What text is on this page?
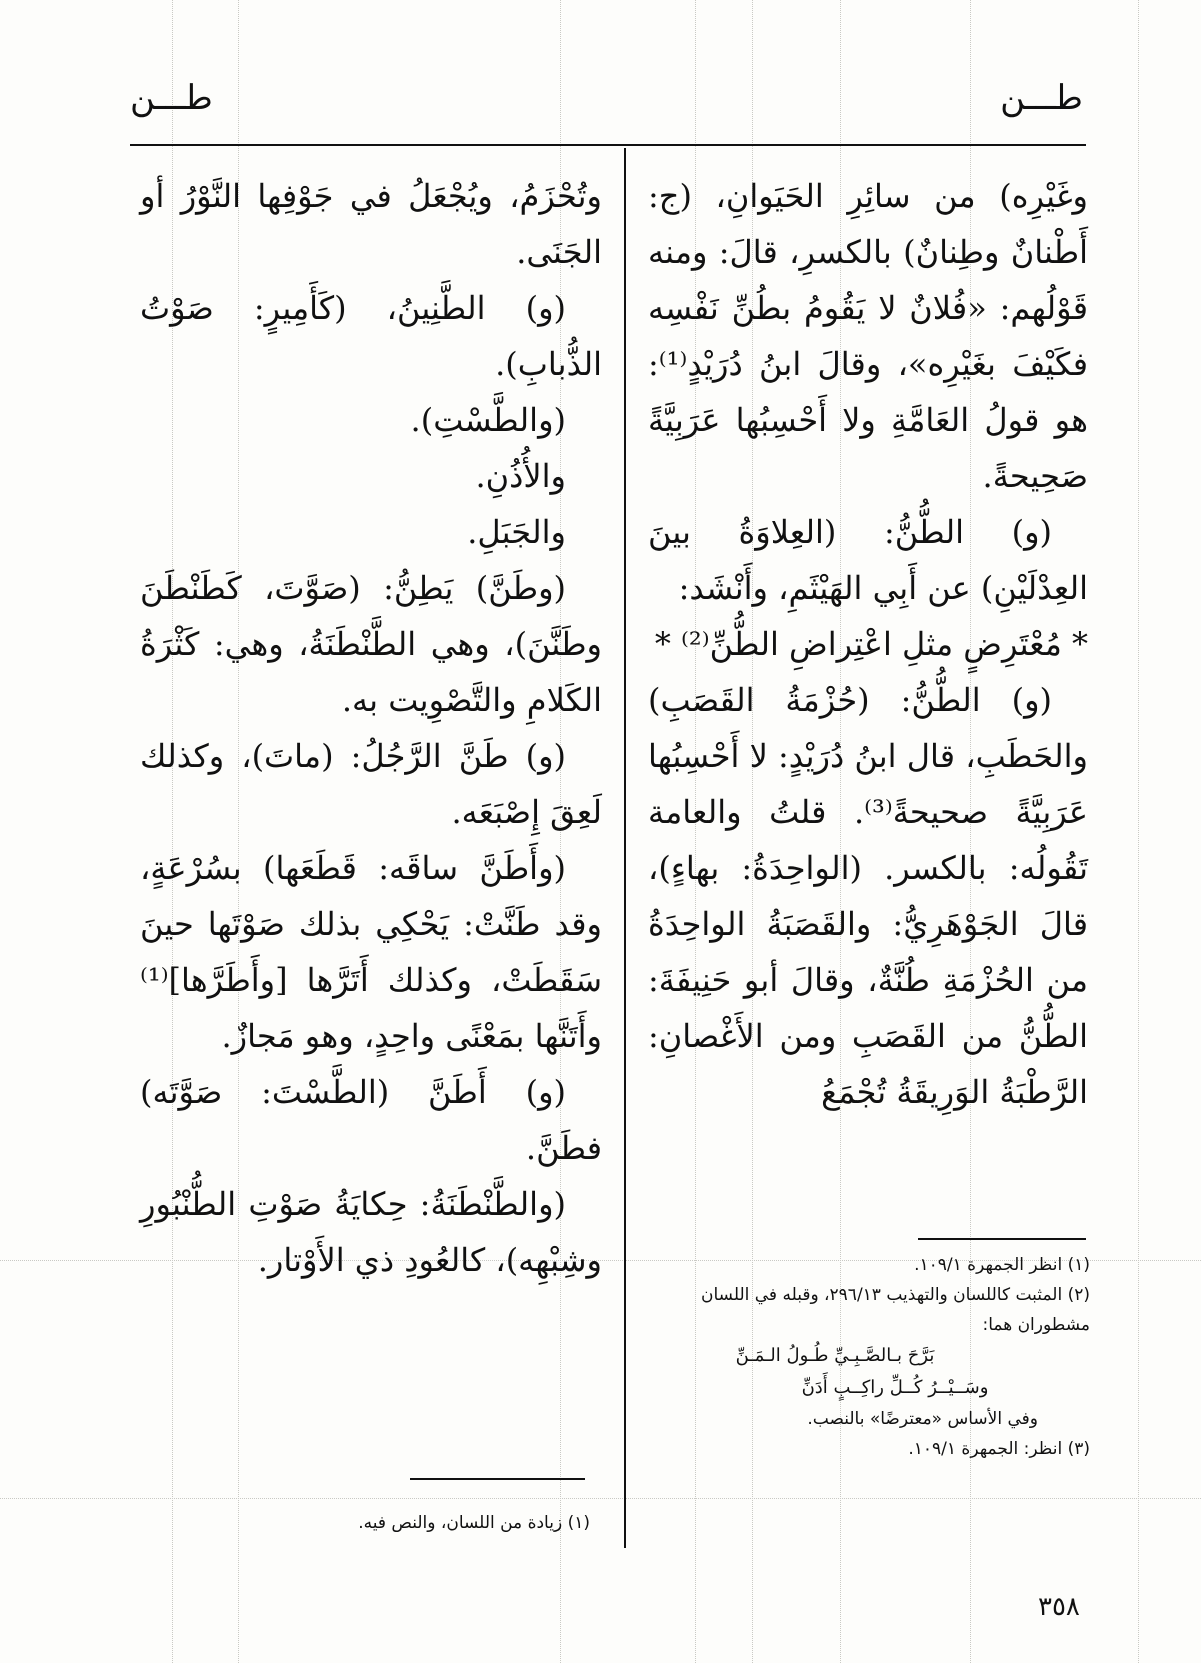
طـــن	طـــن

وغَيْرِه) من سائِرِ الحَيَوانِ، (ج: أَطْنانٌ وطِنانٌ) بالكسرِ، قالَ: ومنه قَوْلُهم: «فُلانٌ لا يَقُومُ بطُنِّ نَفْسِه فكَيْفَ بغَيْرِه»، وقالَ ابنُ دُرَيْدٍ⁽¹⁾: هو قولُ العَامَّةِ ولا أَحْسِبُها عَرَبِيَّةً صَحِيحةً.

(و) الطُّنُّ: (العِلاوَةُ بينَ العِدْلَيْنِ) عن أَبِي الهَيْثَمِ، وأَنْشَد:

* مُعْتَرِضٍ مثلِ اعْتِراضِ الطُّنِّ⁽²⁾ *

(و) الطُّنُّ: (حُزْمَةُ القَصَبِ) والحَطَبِ، قال ابنُ دُرَيْدٍ: لا أَحْسِبُها عَرَبِيَّةً صحيحةً⁽³⁾. قلتُ والعامة تَقُولُه: بالكسر. (الواحِدَةُ: بهاءٍ)، قالَ الجَوْهَرِيُّ: والقَصَبَةُ الواحِدَةُ من الحُزْمَةِ طُنَّةٌ، وقالَ أبو حَنِيفَةَ: الطُّنُّ من القَصَبِ ومن الأَغْصانِ: الرَّطْبَةُ الوَرِيقَةُ تُجْمَعُ

وتُحْزَمُ، ويُجْعَلُ في جَوْفِها النَّوْرُ أو الجَنَى.

(و) الطَّنِينُ، (كَأَمِيرٍ: صَوْتُ الذُّبابِ).

(والطَّسْتِ).

والأُذُنِ.

والجَبَلِ.

(وطَنَّ) يَطِنُّ: (صَوَّتَ، كَطَنْطَنَ وطَنَّنَ)، وهي الطَّنْطَنَةُ، وهي: كَثْرَةُ الكَلامِ والتَّصْوِيت به.

(و) طَنَّ الرَّجُلُ: (ماتَ)، وكذلك لَعِقَ إِصْبَعَه.

(وأَطَنَّ ساقَه: قَطَعَها) بسُرْعَةٍ، وقد طَنَّتْ: يَحْكِي بذلك صَوْتَها حينَ سَقَطَتْ، وكذلك أَتَرَّها [وأَطَرَّها]⁽¹⁾ وأَتَنَّها بمَعْنًى واحِدٍ، وهو مَجازٌ.

(و) أَطَنَّ (الطَّسْتَ: صَوَّتَه) فطَنَّ.

(والطَّنْطَنَةُ: حِكايَةُ صَوْتِ الطُّنْبُورِ وشِبْهِه)، كالعُودِ ذي الأَوْتار.	(١) انظر الجمهرة ١٠٩/١.

(٢) المثبت كاللسان والتهذيب ٢٩٦/١٣، وقبله في اللسان مشطوران هما:

بَرَّحَ بـالصَّـبِـيِّ طُـولُ الـمَـنِّ

وسَــيْــرُ كُــلِّ راكِــبٍ أَدَنِّ

وفي الأساس «معترضًا» بالنصب.

(٣) انظر: الجمهرة ١٠٩/١.

(١) زيادة من اللسان، والنص فيه.

٣٥٨
